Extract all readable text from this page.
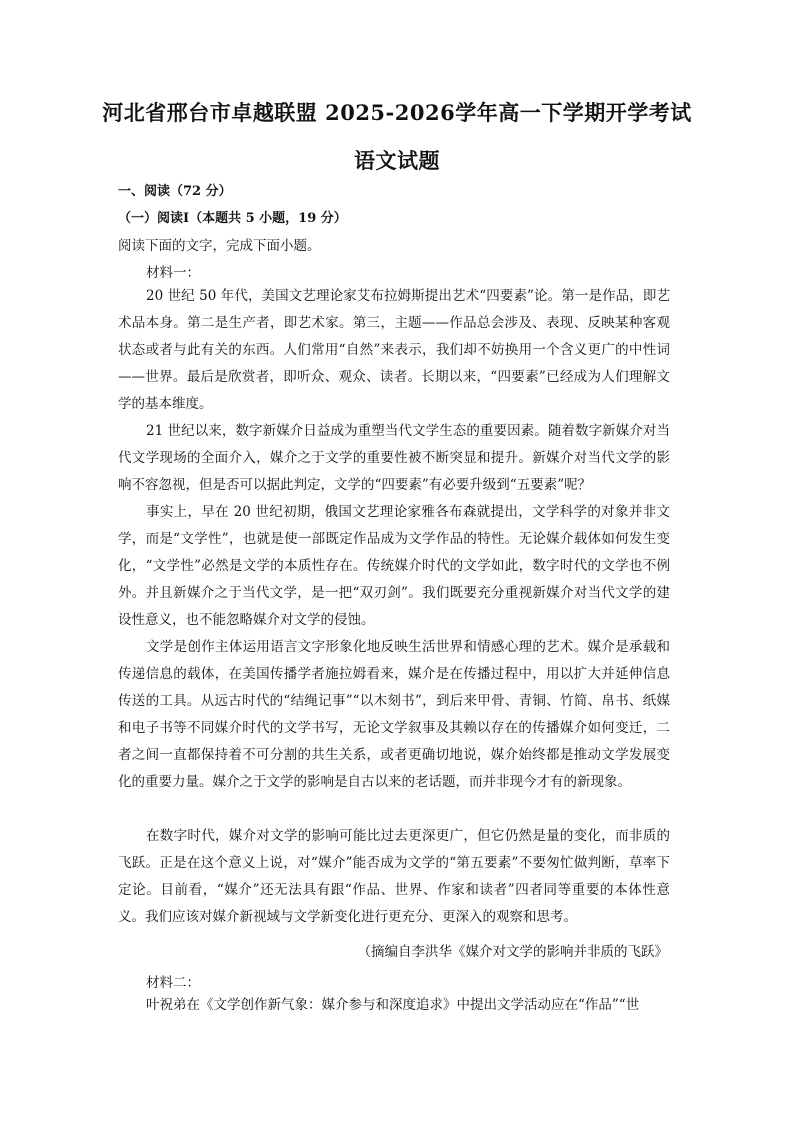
河北省邢台市卓越联盟 2025-2026学年高一下学期开学考试
语文试题
一、阅读（72 分）
（一）阅读Ⅰ（本题共 5 小题，19 分）
阅读下面的文字，完成下面小题。
材料一：

20 世纪 50 年代，美国文艺理论家艾布拉姆斯提出艺术“四要素”论。第一是作品，即艺术品本身。第二是生产者，即艺术家。第三，主题——作品总会涉及、表现、反映某种客观状态或者与此有关的东西。人们常用“自然”来表示，我们却不妨换用一个含义更广的中性词——世界。最后是欣赏者，即听众、观众、读者。长期以来，“四要素”已经成为人们理解文学的基本维度。

21 世纪以来，数字新媒介日益成为重塑当代文学生态的重要因素。随着数字新媒介对当代文学现场的全面介入，媒介之于文学的重要性被不断突显和提升。新媒介对当代文学的影响不容忽视，但是否可以据此判定，文学的“四要素”有必要升级到“五要素”呢？

事实上，早在 20 世纪初期，俄国文艺理论家雅各布森就提出，文学科学的对象并非文学，而是“文学性”，也就是使一部既定作品成为文学作品的特性。无论媒介载体如何发生变化，“文学性”必然是文学的本质性存在。传统媒介时代的文学如此，数字时代的文学也不例外。并且新媒介之于当代文学，是一把“双刃剑”。我们既要充分重视新媒介对当代文学的建设性意义，也不能忽略媒介对文学的侵蚀。

文学是创作主体运用语言文字形象化地反映生活世界和情感心理的艺术。媒介是承载和传递信息的载体，在美国传播学者施拉姆看来，媒介是在传播过程中，用以扩大并延伸信息传送的工具。从远古时代的“结绳记事”“以木刻书”，到后来甲骨、青铜、竹简、帛书、纸媒和电子书等不同媒介时代的文学书写，无论文学叙事及其赖以存在的传播媒介如何变迁，二者之间一直都保持着不可分割的共生关系，或者更确切地说，媒介始终都是推动文学发展变化的重要力量。媒介之于文学的影响是自古以来的老话题，而并非现今才有的新现象。

在数字时代，媒介对文学的影响可能比过去更深更广，但它仍然是量的变化，而非质的飞跃。正是在这个意义上说，对“媒介”能否成为文学的“第五要素”不要匆忙做判断，草率下定论。目前看，“媒介”还无法具有跟“作品、世界、作家和读者”四者同等重要的本体性意义。我们应该对媒介新视域与文学新变化进行更充分、更深入的观察和思考。

（摘编自李洪华《媒介对文学的影响并非质的飞跃》
材料二：

叶祝弟在《文学创作新气象：媒介参与和深度追求》中提出文学活动应在“作品”“世
